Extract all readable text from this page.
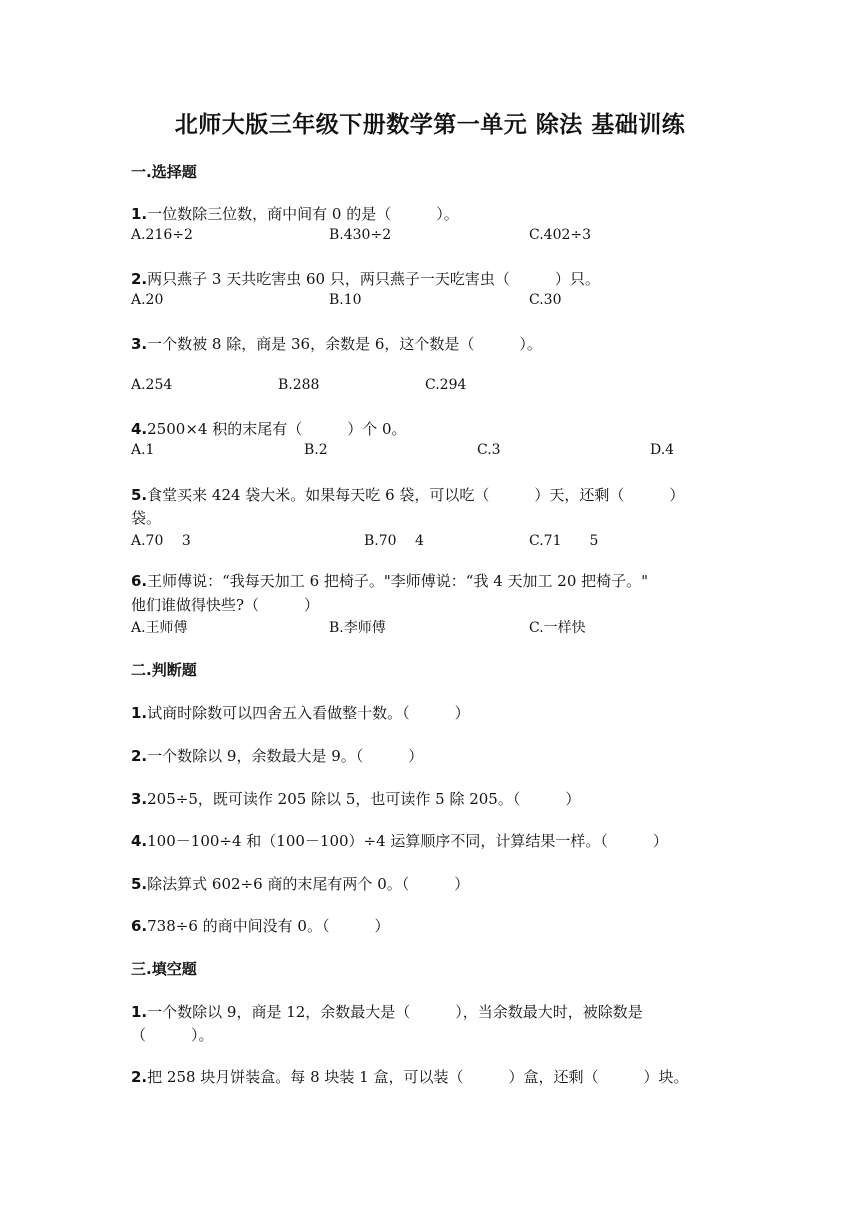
北师大版三年级下册数学第一单元 除法 基础训练
一.选择题
1.一位数除三位数，商中间有 0 的是（　　　）。
A.216÷2	B.430÷2	C.402÷3
2.两只燕子 3 天共吃害虫 60 只，两只燕子一天吃害虫（　　　）只。
A.20	B.10	C.30
3.一个数被 8 除，商是 36，余数是 6，这个数是（　　　）。
A.254	B.288	C.294
4.2500×4 积的末尾有（　　　）个 0。
A.1	B.2	C.3	D.4
5.食堂买来 424 袋大米。如果每天吃 6 袋，可以吃（　　　）天，还剩（　　　）
袋。
A.70　 3	B.70　 4	C.71　　5
6.王师傅说：“我每天加工 6 把椅子。"李师傅说：“我 4 天加工 20 把椅子。"
他们谁做得快些?（　　　）
A.王师傅	B.李师傅	C.一样快
二.判断题
1.试商时除数可以四舍五入看做整十数。（　　　）
2.一个数除以 9，余数最大是 9。（　　　）
3.205÷5，既可读作 205 除以 5，也可读作 5 除 205。（　　　）
4.100－100÷4 和（100－100）÷4 运算顺序不同，计算结果一样。（　　　）
5.除法算式 602÷6 商的末尾有两个 0。（　　　）
6.738÷6 的商中间没有 0。（　　　）
三.填空题
1.一个数除以 9，商是 12，余数最大是（　　　），当余数最大时，被除数是
（　　　）。
2.把 258 块月饼装盒。每 8 块装 1 盒，可以装（　　　）盒，还剩（　　　）块。
